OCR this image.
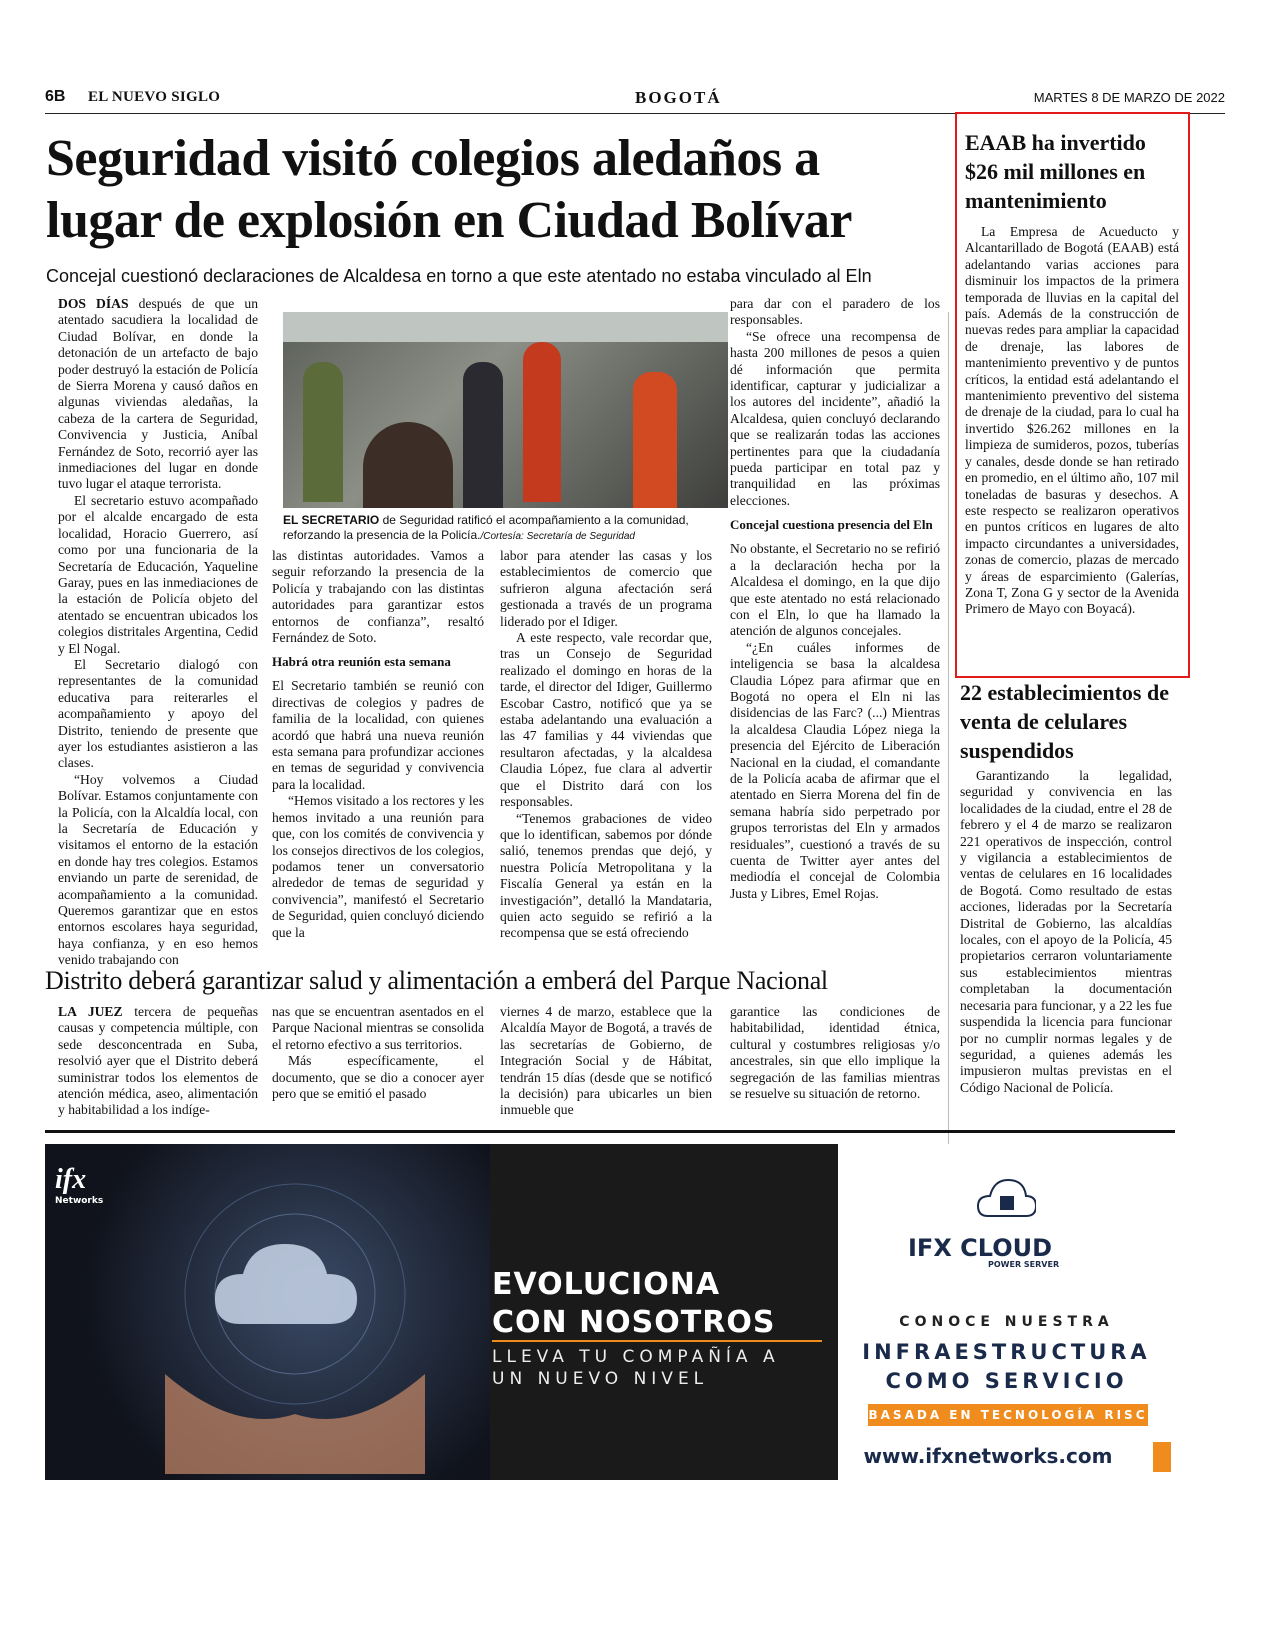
6B EL NUEVO SIGLO	BOGOTÁ	MARTES 8 DE MARZO DE 2022
Seguridad visitó colegios aledaños a lugar de explosión en Ciudad Bolívar
Concejal cuestionó declaraciones de Alcaldesa en torno a que este atentado no estaba vinculado al Eln

DOS DÍAS después de que un atentado sacudiera la localidad de Ciudad Bolívar, en donde la detonación de un artefacto de bajo poder destruyó la estación de Policía de Sierra Morena y causó daños en algunas viviendas aledañas, la cabeza de la cartera de Seguridad, Convivencia y Justicia, Aníbal Fernández de Soto, recorrió ayer las inmediaciones del lugar en donde tuvo lugar el ataque terrorista.

El secretario estuvo acompañado por el alcalde encargado de esta localidad, Horacio Guerrero, así como por una funcionaria de la Secretaría de Educación, Yaqueline Garay, pues en las inmediaciones de la estación de Policía objeto del atentado se encuentran ubicados los colegios distritales Argentina, Cedid y El Nogal.

El Secretario dialogó con representantes de la comunidad educativa para reiterarles el acompañamiento y apoyo del Distrito, teniendo de presente que ayer los estudiantes asistieron a las clases.

“Hoy volvemos a Ciudad Bolívar. Estamos conjuntamente con la Policía, con la Alcaldía local, con la Secretaría de Educación y visitamos el entorno de la estación en donde hay tres colegios. Estamos enviando un parte de serenidad, de acompañamiento a la comunidad. Queremos garantizar que en estos entornos escolares haya seguridad, haya confianza, y en eso hemos venido trabajando con

EL SECRETARIO de Seguridad ratificó el acompañamiento a la comunidad, reforzando la presencia de la Policía./Cortesía: Secretaría de Seguridad

las distintas autoridades. Vamos a seguir reforzando la presencia de la Policía y trabajando con las distintas autoridades para garantizar estos entornos de confianza”, resaltó Fernández de Soto.

Habrá otra reunión esta semana

El Secretario también se reunió con directivas de colegios y padres de familia de la localidad, con quienes acordó que habrá una nueva reunión esta semana para profundizar acciones en temas de seguridad y convivencia para la localidad.

“Hemos visitado a los rectores y les hemos invitado a una reunión para que, con los comités de convivencia y los consejos directivos de los colegios, podamos tener un conversatorio alrededor de temas de seguridad y convivencia”, manifestó el Secretario de Seguridad, quien concluyó diciendo que la

labor para atender las casas y los establecimientos de comercio que sufrieron alguna afectación será gestionada a través de un programa liderado por el Idiger.

A este respecto, vale recordar que, tras un Consejo de Seguridad realizado el domingo en horas de la tarde, el director del Idiger, Guillermo Escobar Castro, notificó que ya se estaba adelantando una evaluación a las 47 familias y 44 viviendas que resultaron afectadas, y la alcaldesa Claudia López, fue clara al advertir que el Distrito dará con los responsables.

“Tenemos grabaciones de video que lo identifican, sabemos por dónde salió, tenemos prendas que dejó, y nuestra Policía Metropolitana y la Fiscalía General ya están en la investigación”, detalló la Mandataria, quien acto seguido se refirió a la recompensa que se está ofreciendo

para dar con el paradero de los responsables.

“Se ofrece una recompensa de hasta 200 millones de pesos a quien dé información que permita identificar, capturar y judicializar a los autores del incidente”, añadió la Alcaldesa, quien concluyó declarando que se realizarán todas las acciones pertinentes para que la ciudadanía pueda participar en total paz y tranquilidad en las próximas elecciones.

Concejal cuestiona presencia del Eln

No obstante, el Secretario no se refirió a la declaración hecha por la Alcaldesa el domingo, en la que dijo que este atentado no está relacionado con el Eln, lo que ha llamado la atención de algunos concejales.

“¿En cuáles informes de inteligencia se basa la alcaldesa Claudia López para afirmar que en Bogotá no opera el Eln ni las disidencias de las Farc? (...) Mientras la alcaldesa Claudia López niega la presencia del Ejército de Liberación Nacional en la ciudad, el comandante de la Policía acaba de afirmar que el atentado en Sierra Morena del fin de semana habría sido perpetrado por grupos terroristas del Eln y armados residuales”, cuestionó a través de su cuenta de Twitter ayer antes del mediodía el concejal de Colombia Justa y Libres, Emel Rojas.

EAAB ha invertido $26 mil millones en mantenimiento

La Empresa de Acueducto y Alcantarillado de Bogotá (EAAB) está adelantando varias acciones para disminuir los impactos de la primera temporada de lluvias en la capital del país. Además de la construcción de nuevas redes para ampliar la capacidad de drenaje, las labores de mantenimiento preventivo y de puntos críticos, la entidad está adelantando el mantenimiento preventivo del sistema de drenaje de la ciudad, para lo cual ha invertido $26.262 millones en la limpieza de sumideros, pozos, tuberías y canales, desde donde se han retirado en promedio, en el último año, 107 mil toneladas de basuras y desechos. A este respecto se realizaron operativos en puntos críticos en lugares de alto impacto circundantes a universidades, zonas de comercio, plazas de mercado y áreas de esparcimiento (Galerías, Zona T, Zona G y sector de la Avenida Primero de Mayo con Boyacá).

22 establecimientos de venta de celulares suspendidos

Garantizando la legalidad, seguridad y convivencia en las localidades de la ciudad, entre el 28 de febrero y el 4 de marzo se realizaron 221 operativos de inspección, control y vigilancia a establecimientos de ventas de celulares en 16 localidades de Bogotá. Como resultado de estas acciones, lideradas por la Secretaría Distrital de Gobierno, las alcaldías locales, con el apoyo de la Policía, 45 propietarios cerraron voluntariamente sus establecimientos mientras completaban la documentación necesaria para funcionar, y a 22 les fue suspendida la licencia para funcionar por no cumplir normas legales y de seguridad, a quienes además les impusieron multas previstas en el Código Nacional de Policía.

Distrito deberá garantizar salud y alimentación a emberá del Parque Nacional

LA JUEZ tercera de pequeñas causas y competencia múltiple, con sede desconcentrada en Suba, resolvió ayer que el Distrito deberá suministrar todos los elementos de atención médica, aseo, alimentación y habitabilidad a los indíge-

nas que se encuentran asentados en el Parque Nacional mientras se consolida el retorno efectivo a sus territorios.

Más específicamente, el documento, que se dio a conocer ayer pero que se emitió el pasado

viernes 4 de marzo, establece que la Alcaldía Mayor de Bogotá, a través de las secretarías de Gobierno, de Integración Social y de Hábitat, tendrán 15 días (desde que se notificó la decisión) para ubicarles un bien inmueble que

garantice las condiciones de habitabilidad, identidad étnica, cultural y costumbres religiosas y/o ancestrales, sin que ello implique la segregación de las familias mientras se resuelve su situación de retorno.

ifx
Networks
EVOLUCIONA CON NOSOTROS
LLEVA TU COMPAÑÍA A UN NUEVO NIVEL
IFX CLOUD
POWER SERVER
CONOCE NUESTRA
INFRAESTRUCTURA COMO SERVICIO
BASADA EN TECNOLOGÍA RISC
www.ifxnetworks.com
